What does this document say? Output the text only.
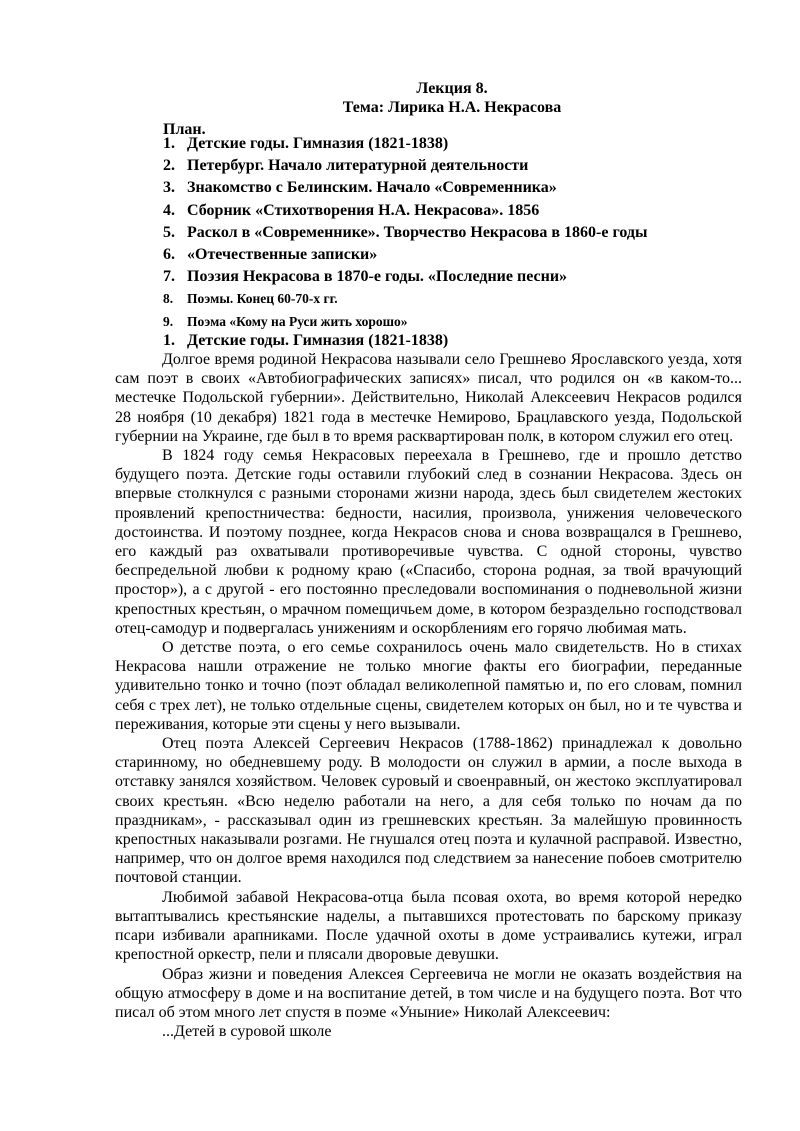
Лекция 8.
Тема: Лирика Н.А. Некрасова
План.
1. Детские годы. Гимназия (1821-1838)
2. Петербург. Начало литературной деятельности
3. Знакомство с Белинским. Начало «Современника»
4. Сборник «Стихотворения Н.А. Некрасова». 1856
5. Раскол в «Современнике». Творчество Некрасова в 1860-е годы
6. «Отечественные записки»
7. Поэзия Некрасова в 1870-е годы. «Последние песни»
8. Поэмы. Конец 60-70-х гг.
9. Поэма «Кому на Руси жить хорошо»
1. Детские годы. Гимназия (1821-1838)

Долгое время родиной Некрасова называли село Грешнево Ярославского уезда, хотя сам поэт в своих «Автобиографических записях» писал, что родился он «в каком-то... местечке Подольской губернии». Действительно, Николай Алексеевич Некрасов родился 28 ноября (10 декабря) 1821 года в местечке Немирово, Брацлавского уезда, Подольской губернии на Украине, где был в то время расквартирован полк, в котором служил его отец.

В 1824 году семья Некрасовых переехала в Грешнево, где и прошло детство будущего поэта. Детские годы оставили глубокий след в сознании Некрасова. Здесь он впервые столкнулся с разными сторонами жизни народа, здесь был свидетелем жестоких проявлений крепостничества: бедности, насилия, произвола, унижения человеческого достоинства. И поэтому позднее, когда Некрасов снова и снова возвращался в Грешнево, его каждый раз охватывали противоречивые чувства. С одной стороны, чувство беспредельной любви к родному краю («Спасибо, сторона родная, за твой врачующий простор»), а с другой - его постоянно преследовали воспоминания о подневольной жизни крепостных крестьян, о мрачном помещичьем доме, в котором безраздельно господствовал отец-самодур и подвергалась унижениям и оскорблениям его горячо любимая мать.

О детстве поэта, о его семье сохранилось очень мало свидетельств. Но в стихах Некрасова нашли отражение не только многие факты его биографии, переданные удивительно тонко и точно (поэт обладал великолепной памятью и, по его словам, помнил себя с трех лет), не только отдельные сцены, свидетелем которых он был, но и те чувства и переживания, которые эти сцены у него вызывали.

Отец поэта Алексей Сергеевич Некрасов (1788-1862) принадлежал к довольно старинному, но обедневшему роду. В молодости он служил в армии, а после выхода в отставку занялся хозяйством. Человек суровый и своенравный, он жестоко эксплуатировал своих крестьян. «Всю неделю работали на него, а для себя только по ночам да по праздникам», - рассказывал один из грешневских крестьян. За малейшую провинность крепостных наказывали розгами. Не гнушался отец поэта и кулачной расправой. Известно, например, что он долгое время находился под следствием за нанесение побоев смотрителю почтовой станции.

Любимой забавой Некрасова-отца была псовая охота, во время которой нередко вытаптывались крестьянские наделы, а пытавшихся протестовать по барскому приказу псари избивали арапниками. После удачной охоты в доме устраивались кутежи, играл крепостной оркестр, пели и плясали дворовые девушки.

Образ жизни и поведения Алексея Сергеевича не могли не оказать воздействия на общую атмосферу в доме и на воспитание детей, в том числе и на будущего поэта. Вот что писал об этом много лет спустя в поэме «Уныние» Николай Алексеевич:

...Детей в суровой школе
